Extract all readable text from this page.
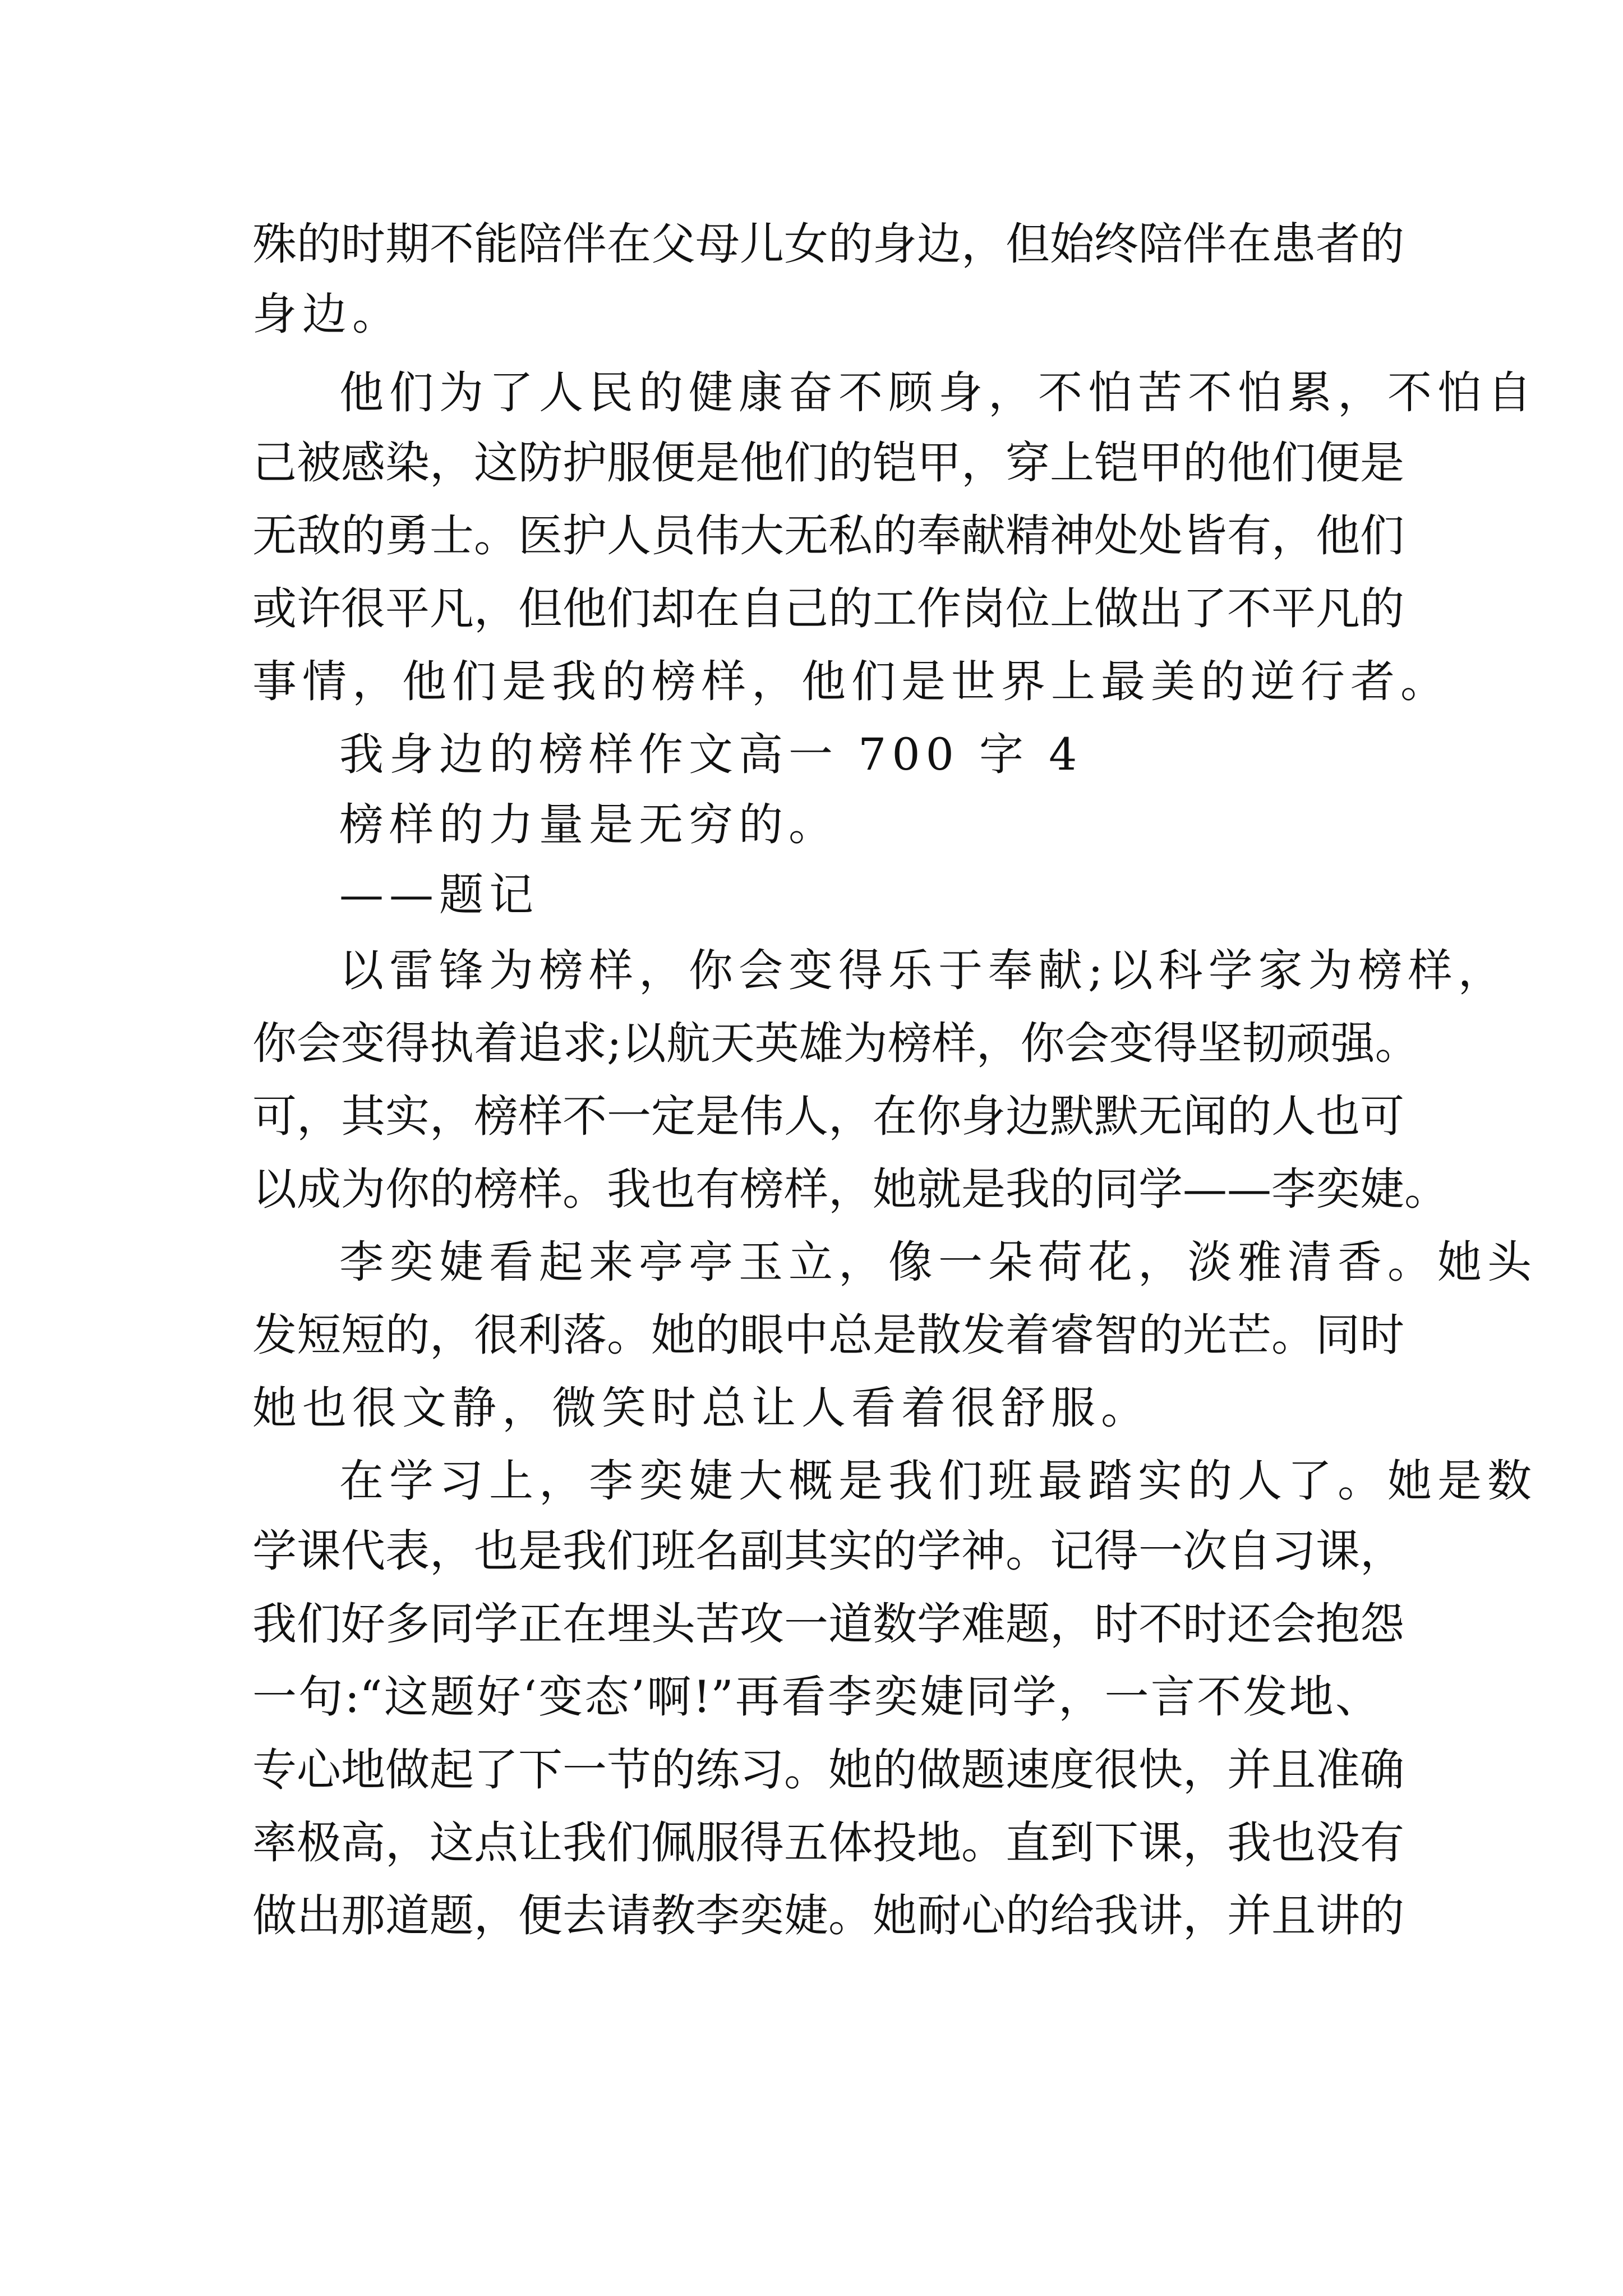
殊的时期不能陪伴在父母儿女的身边，但始终陪伴在患者的

身边。

他们为了人民的健康奋不顾身，不怕苦不怕累，不怕自

己被感染，这防护服便是他们的铠甲，穿上铠甲的他们便是

无敌的勇士。医护人员伟大无私的奉献精神处处皆有，他们

或许很平凡，但他们却在自己的工作岗位上做出了不平凡的

事情，他们是我的榜样，他们是世界上最美的逆行者。

我身边的榜样作文高一 700 字 4

榜样的力量是无穷的。

——题记

以雷锋为榜样，你会变得乐于奉献;以科学家为榜样，

你会变得执着追求;以航天英雄为榜样，你会变得坚韧顽强。

可，其实，榜样不一定是伟人，在你身边默默无闻的人也可

以成为你的榜样。我也有榜样，她就是我的同学——李奕婕。

李奕婕看起来亭亭玉立，像一朵荷花，淡雅清香。她头

发短短的，很利落。她的眼中总是散发着睿智的光芒。同时

她也很文静，微笑时总让人看着很舒服。

在学习上，李奕婕大概是我们班最踏实的人了。她是数

学课代表，也是我们班名副其实的学神。记得一次自习课，

我们好多同学正在埋头苦攻一道数学难题，时不时还会抱怨

一句:“这题好‘变态’啊!”再看李奕婕同学，一言不发地、

专心地做起了下一节的练习。她的做题速度很快，并且准确

率极高，这点让我们佩服得五体投地。直到下课，我也没有

做出那道题，便去请教李奕婕。她耐心的给我讲，并且讲的
